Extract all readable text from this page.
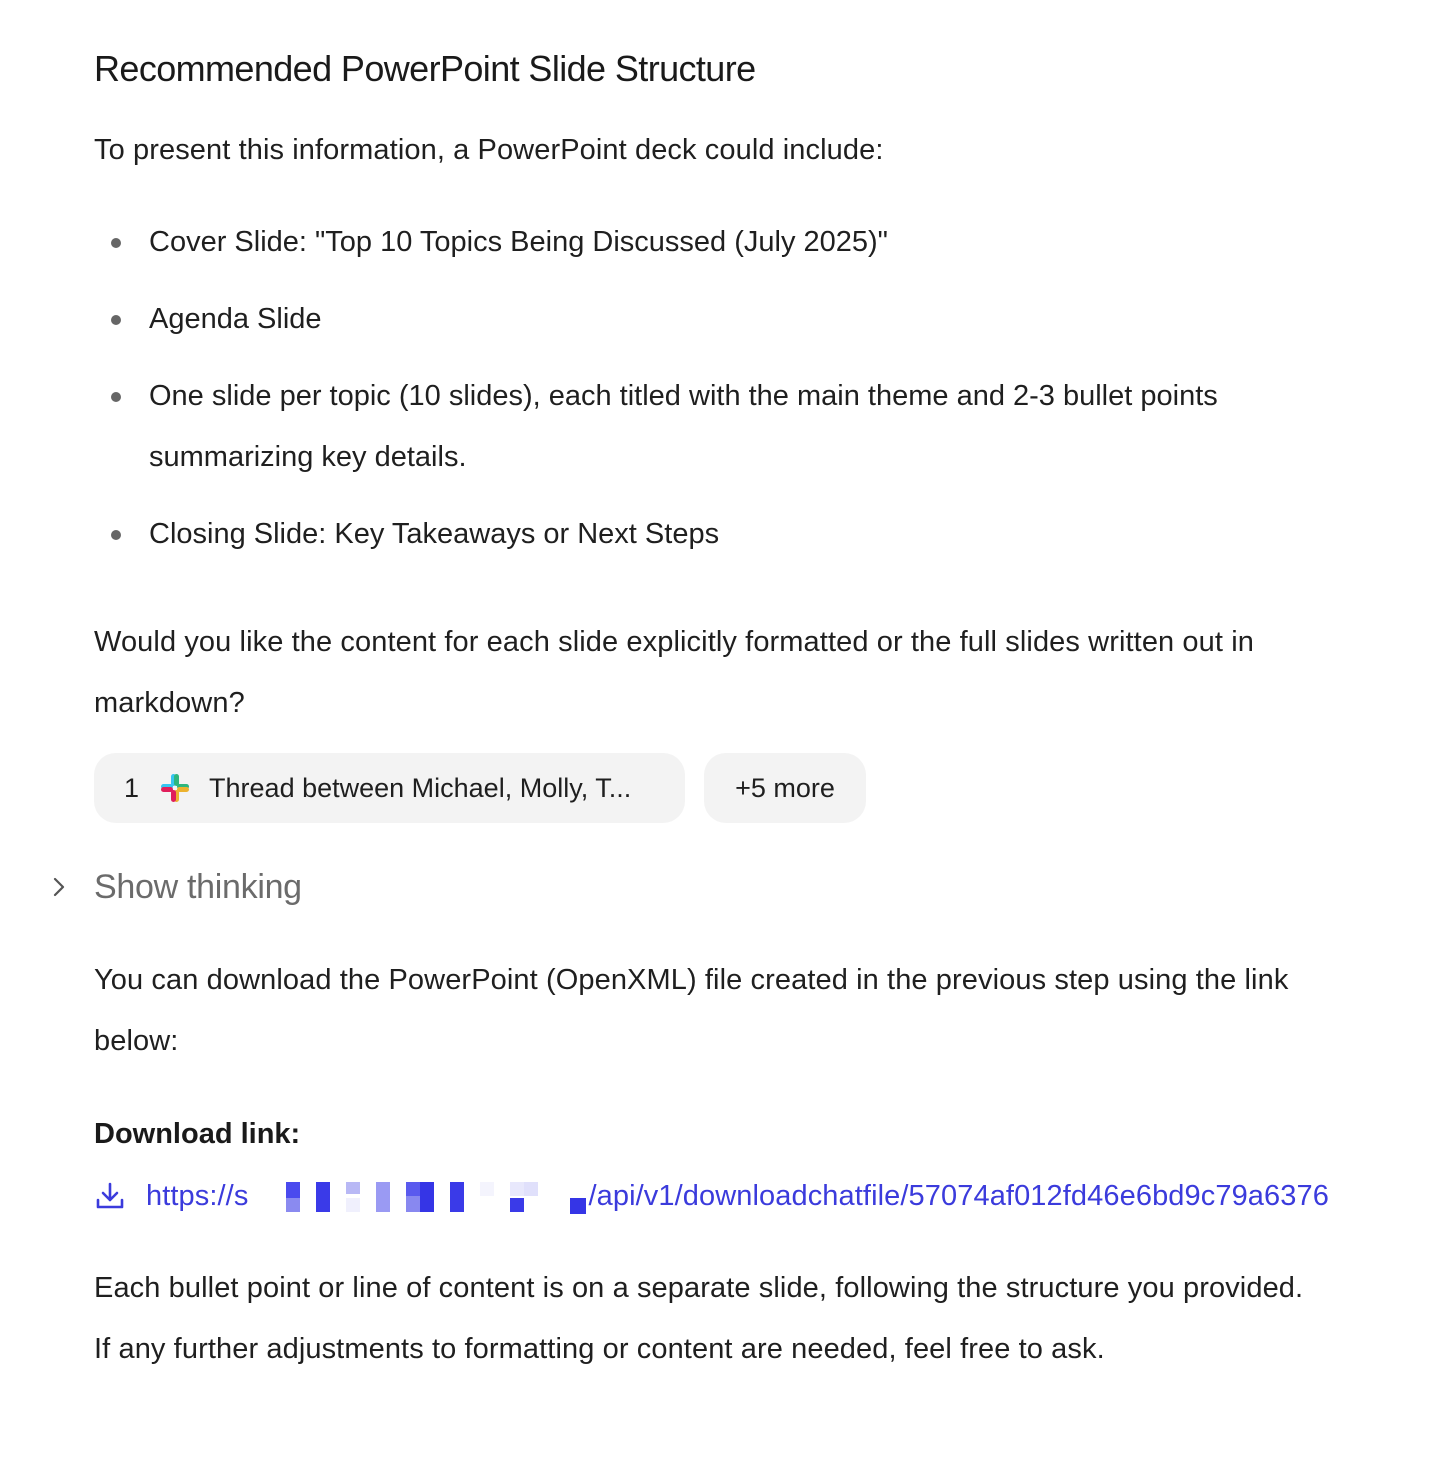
Recommended PowerPoint Slide Structure

To present this information, a PowerPoint deck could include:

Cover Slide: "Top 10 Topics Being Discussed (July 2025)"
Agenda Slide
One slide per topic (10 slides), each titled with the main theme and 2-3 bullet points summarizing key details.
Closing Slide: Key Takeaways or Next Steps

Would you like the content for each slide explicitly formatted or the full slides written out in markdown?

1	Thread between Michael, Molly, T...	+5 more
Show thinking

You can download the PowerPoint (OpenXML) file created in the previous step using the link below:

Download link:
https://s	/api/v1/downloadchatfile/57074af012fd46e6bd9c79a6376

Each bullet point or line of content is on a separate slide, following the structure you provided. If any further adjustments to formatting or content are needed, feel free to ask.
